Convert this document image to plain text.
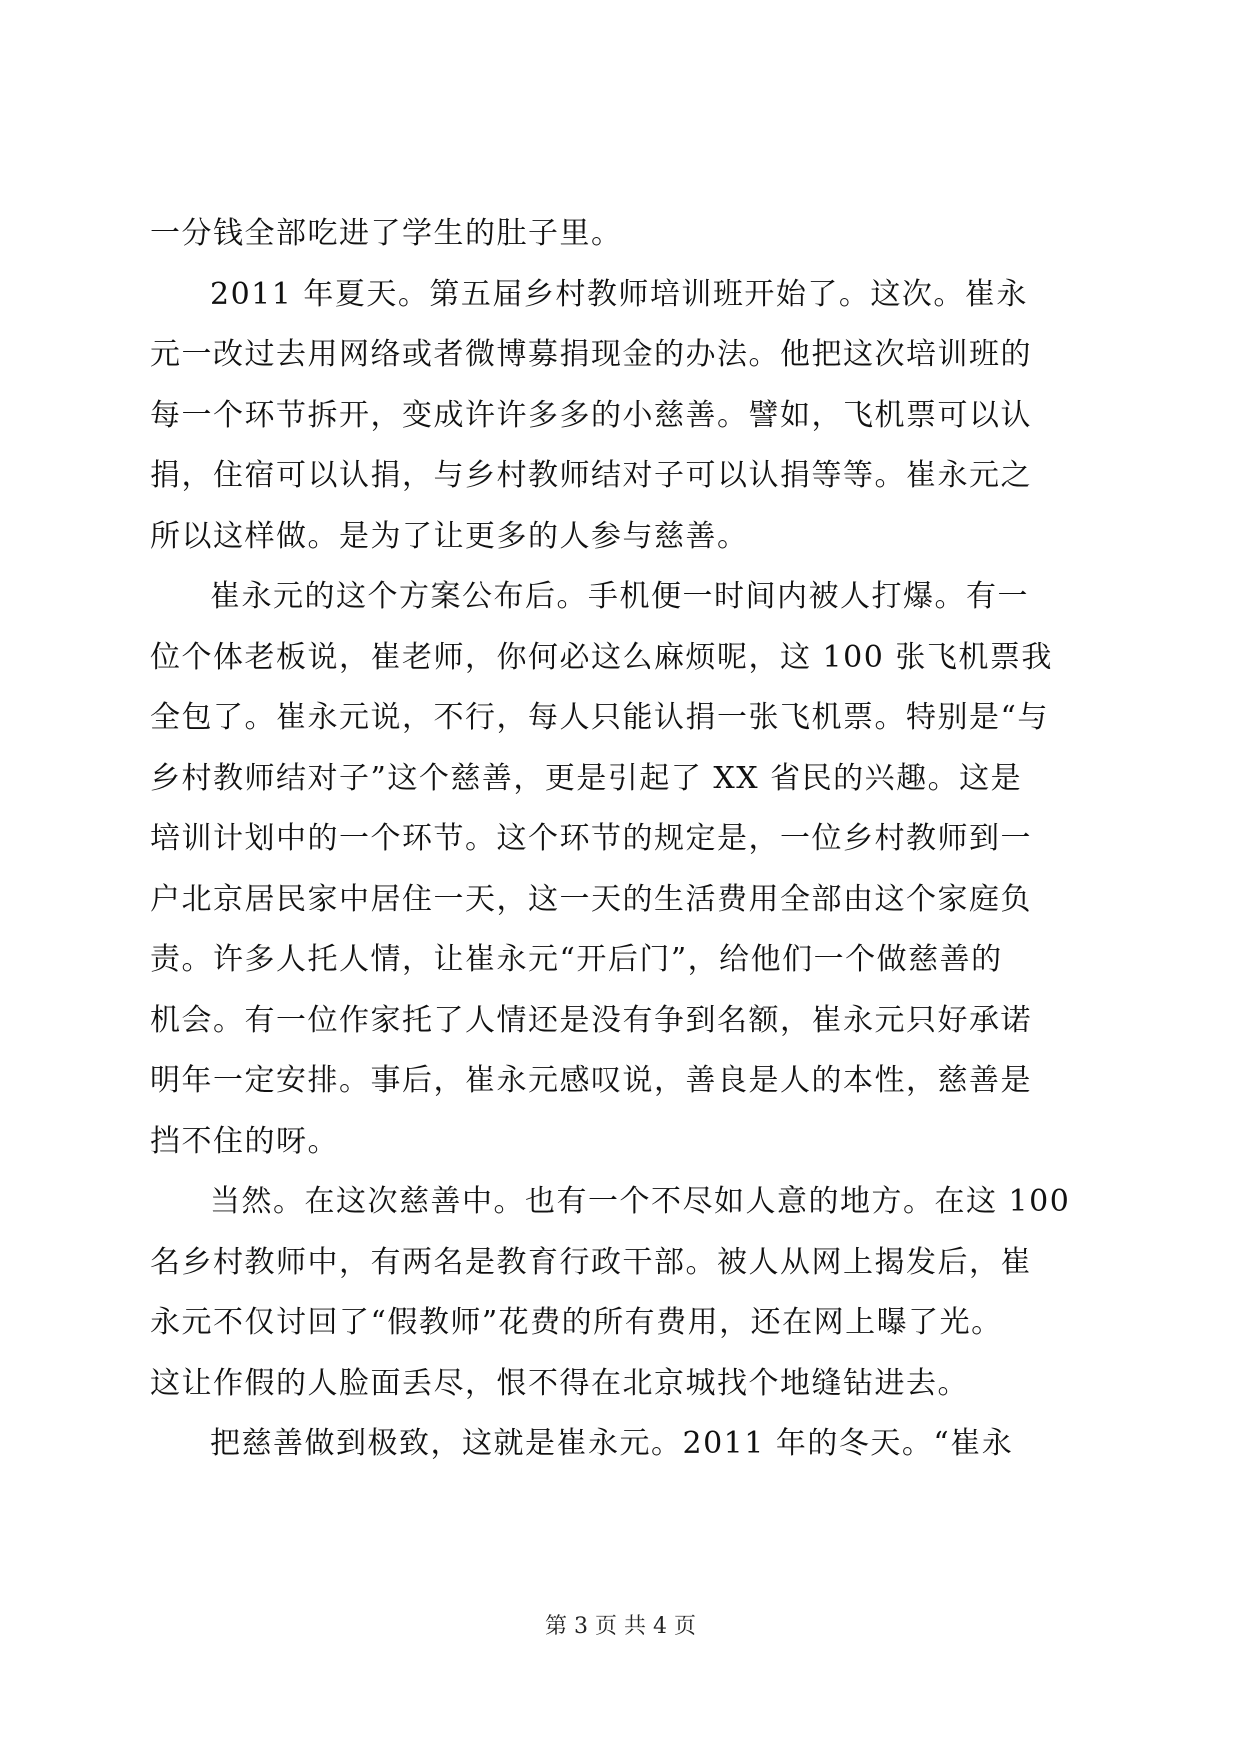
一分钱全部吃进了学生的肚子里。
2011 年夏天。第五届乡村教师培训班开始了。这次。崔永
元一改过去用网络或者微博募捐现金的办法。他把这次培训班的
每一个环节拆开，变成许许多多的小慈善。譬如，飞机票可以认
捐，住宿可以认捐，与乡村教师结对子可以认捐等等。崔永元之
所以这样做。是为了让更多的人参与慈善。
崔永元的这个方案公布后。手机便一时间内被人打爆。有一
位个体老板说，崔老师，你何必这么麻烦呢，这 100 张飞机票我
全包了。崔永元说，不行，每人只能认捐一张飞机票。特别是“与
乡村教师结对子”这个慈善，更是引起了 XX 省民的兴趣。这是
培训计划中的一个环节。这个环节的规定是，一位乡村教师到一
户北京居民家中居住一天，这一天的生活费用全部由这个家庭负
责。许多人托人情，让崔永元“开后门”，给他们一个做慈善的
机会。有一位作家托了人情还是没有争到名额，崔永元只好承诺
明年一定安排。事后，崔永元感叹说，善良是人的本性，慈善是
挡不住的呀。
当然。在这次慈善中。也有一个不尽如人意的地方。在这 100
名乡村教师中，有两名是教育行政干部。被人从网上揭发后，崔
永元不仅讨回了“假教师”花费的所有费用，还在网上曝了光。
这让作假的人脸面丢尽，恨不得在北京城找个地缝钻进去。
把慈善做到极致，这就是崔永元。2011 年的冬天。“崔永
第 3 页 共 4 页
